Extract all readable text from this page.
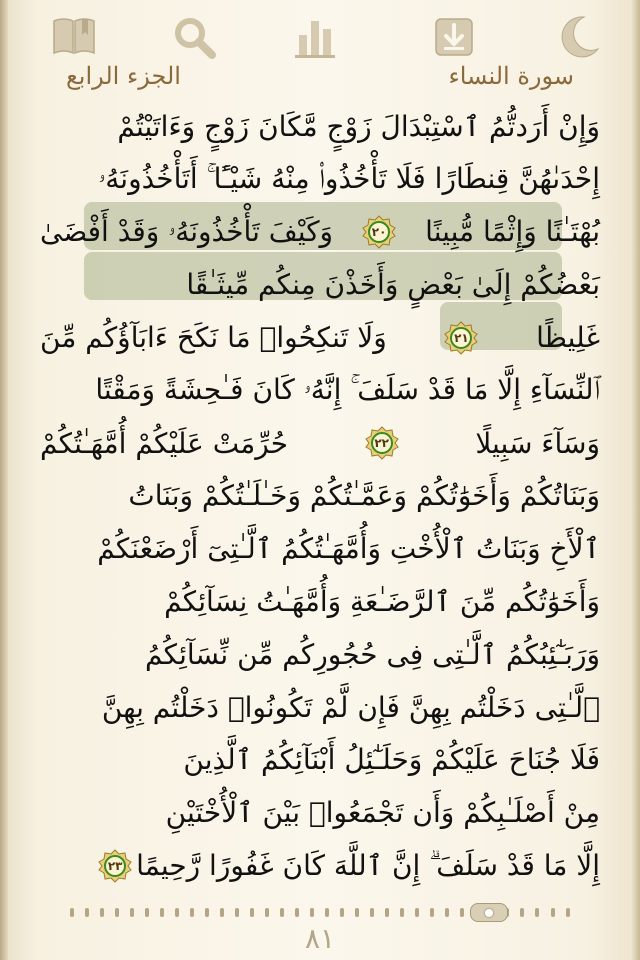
سورة النساء
الجزء الرابع
وَإِنْ أَرَدتُّمُ ٱسْتِبْدَالَ زَوْجٍ مَّكَانَ زَوْجٍ وَءَاتَيْتُمْ
إِحْدَىٰهُنَّ قِنطَارًا فَلَا تَأْخُذُوا۟ مِنْهُ شَيْـًٔا ۚ أَتَأْخُذُونَهُۥ
بُهْتَـٰنًا وَإِثْمًا مُّبِينًا
٢٠
وَكَيْفَ تَأْخُذُونَهُۥ وَقَدْ أَفْضَىٰ
بَعْضُكُمْ إِلَىٰ بَعْضٍ وَأَخَذْنَ مِنكُم مِّيثَـٰقًا
غَلِيظًا
٢١
وَلَا تَنكِحُوا۟ مَا نَكَحَ ءَابَآؤُكُم مِّنَ
ٱلنِّسَآءِ إِلَّا مَا قَدْ سَلَفَ ۚ إِنَّهُۥ كَانَ فَـٰحِشَةً وَمَقْتًا
وَسَآءَ سَبِيلًا
٢٢
حُرِّمَتْ عَلَيْكُمْ أُمَّهَـٰتُكُمْ
وَبَنَاتُكُمْ وَأَخَوَٰتُكُمْ وَعَمَّـٰتُكُمْ وَخَـٰلَـٰتُكُمْ وَبَنَاتُ
ٱلْأَخِ وَبَنَاتُ ٱلْأُخْتِ وَأُمَّهَـٰتُكُمُ ٱلَّـٰتِىٓ أَرْضَعْنَكُمْ
وَأَخَوَٰتُكُم مِّنَ ٱلرَّضَـٰعَةِ وَأُمَّهَـٰتُ نِسَآئِكُمْ
وَرَبَـٰٓئِبُكُمُ ٱلَّـٰتِى فِى حُجُورِكُم مِّن نِّسَآئِكُمُ
ٱلَّـٰتِى دَخَلْتُم بِهِنَّ فَإِن لَّمْ تَكُونُوا۟ دَخَلْتُم بِهِنَّ
فَلَا جُنَاحَ عَلَيْكُمْ وَحَلَـٰٓئِلُ أَبْنَآئِكُمُ ٱلَّذِينَ
مِنْ أَصْلَـٰبِكُمْ وَأَن تَجْمَعُوا۟ بَيْنَ ٱلْأُخْتَيْنِ
إِلَّا مَا قَدْ سَلَفَ ۗ إِنَّ ٱللَّهَ كَانَ غَفُورًا رَّحِيمًا
٢٣
٨١
